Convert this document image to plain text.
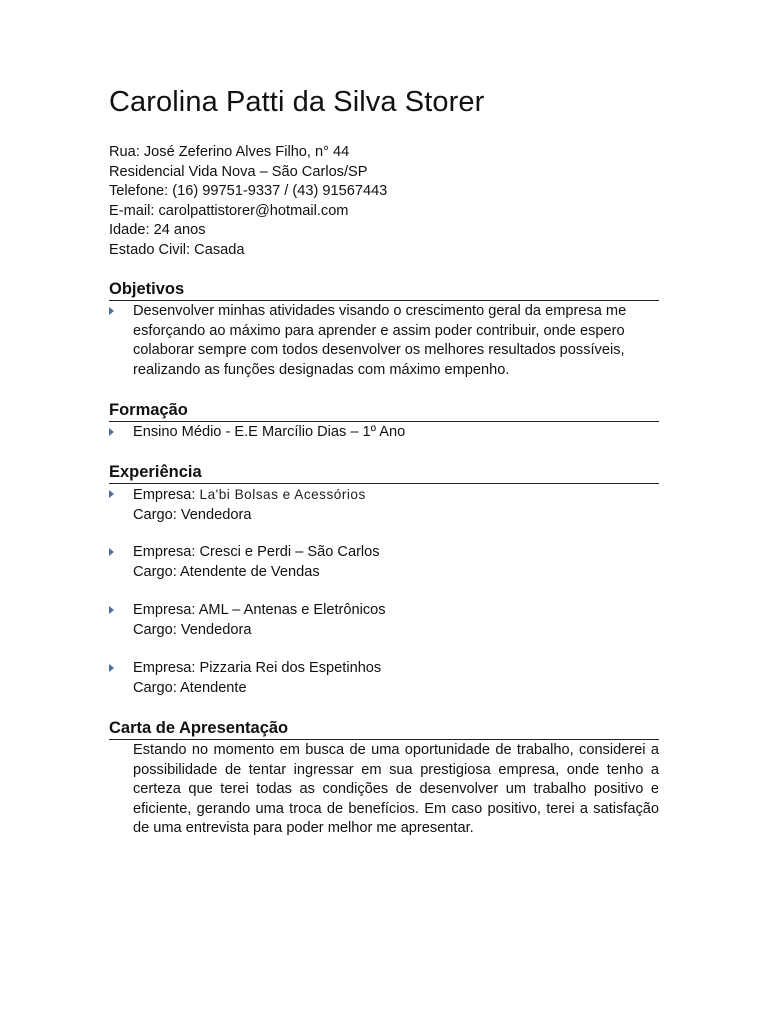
Carolina Patti da Silva Storer
Rua: José Zeferino Alves Filho, n° 44
Residencial Vida Nova – São Carlos/SP
Telefone: (16) 99751-9337 / (43) 91567443
E-mail: carolpattistorer@hotmail.com
Idade: 24 anos
Estado Civil: Casada
Objetivos
Desenvolver minhas atividades visando o crescimento geral da empresa me esforçando ao máximo para aprender e assim poder contribuir, onde espero colaborar sempre com todos desenvolver os melhores resultados possíveis, realizando as funções designadas com máximo empenho.
Formação
Ensino Médio - E.E Marcílio Dias – 1º Ano
Experiência
Empresa: La'bi Bolsas e Acessórios
Cargo: Vendedora
Empresa: Cresci e Perdi – São Carlos
Cargo: Atendente de Vendas
Empresa: AML – Antenas e Eletrônicos
Cargo: Vendedora
Empresa: Pizzaria Rei dos Espetinhos
Cargo: Atendente
Carta de Apresentação
Estando no momento em busca de uma oportunidade de trabalho, considerei a possibilidade de tentar ingressar em sua prestigiosa empresa, onde tenho a certeza que terei todas as condições de desenvolver um trabalho positivo e eficiente, gerando uma troca de benefícios. Em caso positivo, terei a satisfação de uma entrevista para poder melhor me apresentar.
